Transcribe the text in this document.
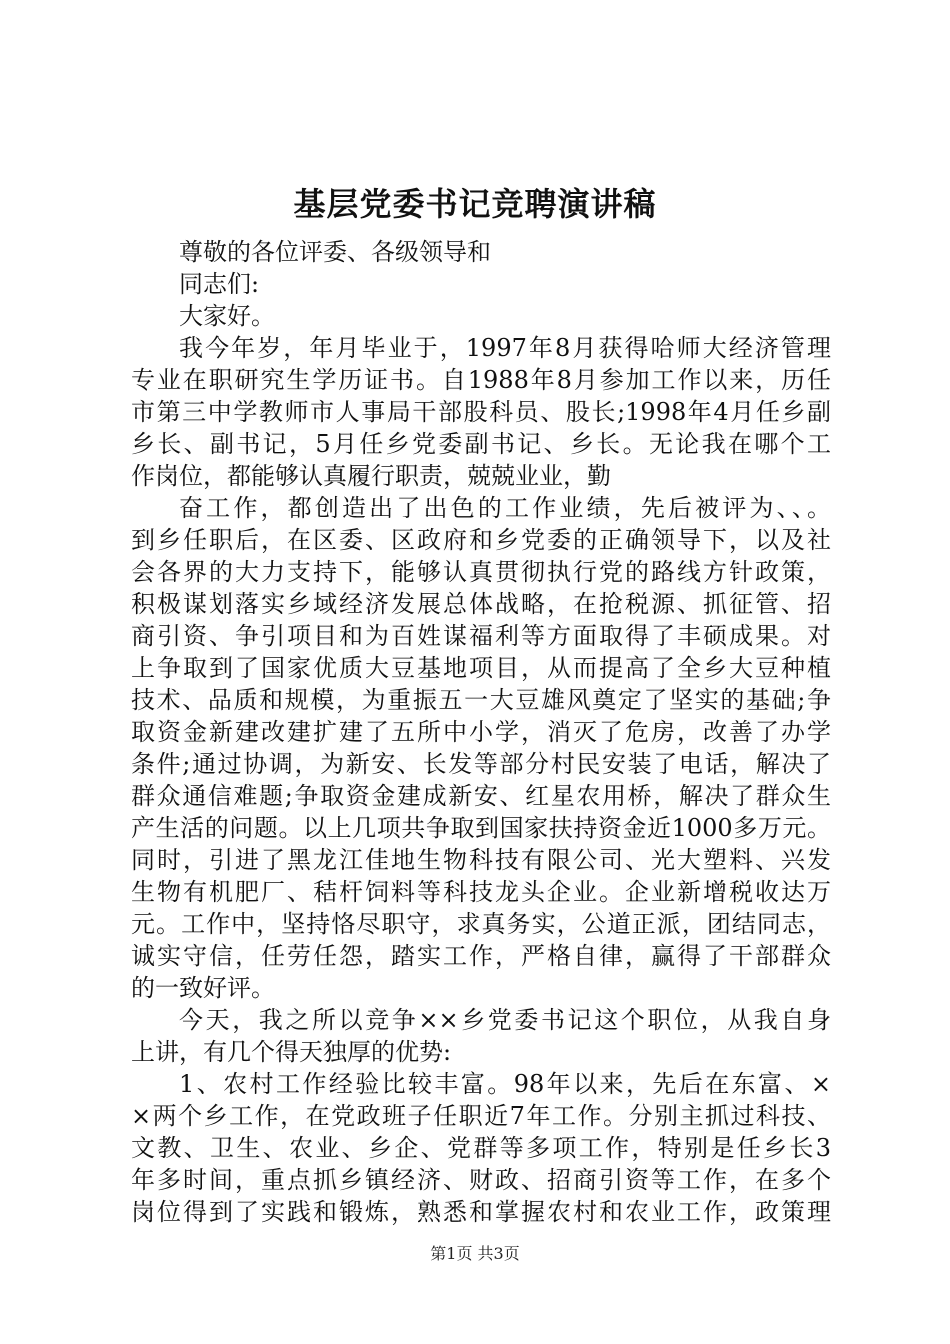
基层党委书记竞聘演讲稿
尊敬的各位评委、各级领导和
同志们:
大家好。
我今年岁，年月毕业于，1997年8月获得哈师大经济管理
专业在职研究生学历证书。自1988年8月参加工作以来，历任
市第三中学教师市人事局干部股科员、股长;1998年4月任乡副
乡长、副书记，5月任乡党委副书记、乡长。无论我在哪个工
作岗位，都能够认真履行职责，兢兢业业，勤
奋工作，都创造出了出色的工作业绩，先后被评为、、。
到乡任职后，在区委、区政府和乡党委的正确领导下，以及社
会各界的大力支持下，能够认真贯彻执行党的路线方针政策，
积极谋划落实乡域经济发展总体战略，在抢税源、抓征管、招
商引资、争引项目和为百姓谋福利等方面取得了丰硕成果。对
上争取到了国家优质大豆基地项目，从而提高了全乡大豆种植
技术、品质和规模，为重振五一大豆雄风奠定了坚实的基础;争
取资金新建改建扩建了五所中小学，消灭了危房，改善了办学
条件;通过协调，为新安、长发等部分村民安装了电话，解决了
群众通信难题;争取资金建成新安、红星农用桥，解决了群众生
产生活的问题。以上几项共争取到国家扶持资金近1000多万元。
同时，引进了黑龙江佳地生物科技有限公司、光大塑料、兴发
生物有机肥厂、秸杆饲料等科技龙头企业。企业新增税收达万
元。工作中，坚持恪尽职守，求真务实，公道正派，团结同志，
诚实守信，任劳任怨，踏实工作，严格自律，赢得了干部群众
的一致好评。
今天，我之所以竞争××乡党委书记这个职位，从我自身
上讲，有几个得天独厚的优势:
1、农村工作经验比较丰富。98年以来，先后在东富、×
×两个乡工作，在党政班子任职近7年工作。分别主抓过科技、
文教、卫生、农业、乡企、党群等多项工作，特别是任乡长3
年多时间，重点抓乡镇经济、财政、招商引资等工作，在多个
岗位得到了实践和锻炼，熟悉和掌握农村和农业工作，政策理
第1页 共3页
